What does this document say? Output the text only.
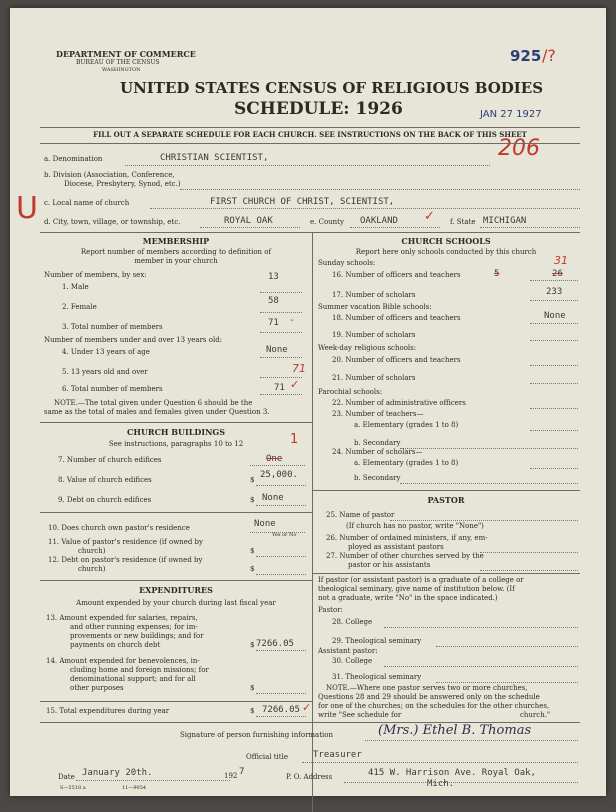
DEPARTMENT OF COMMERCE
BUREAU OF THE CENSUS
WASHINGTON
UNITED STATES CENSUS OF RELIGIOUS BODIES
SCHEDULE: 1926
925 /?
JAN 27 1927
206
U
FILL OUT A SEPARATE SCHEDULE FOR EACH CHURCH. SEE INSTRUCTIONS ON THE BACK OF THIS SHEET
a. Denomination	CHRISTIAN SCIENTIST,
b. Division (Association, Conference,
Diocese, Presbytery, Synod, etc.)
c. Local name of church	FIRST CHURCH OF CHRIST, SCIENTIST,
d. City, town, village, or township, etc.	ROYAL OAK	e. County OAKLAND ✓ f. State MICHIGAN
MEMBERSHIP
Report number of members according to definition of
member in your church
Number of members, by sex:
1. Male
13
2. Female
58
3. Total number of members	71 ‑
Number of members under and over 13 years old:
4. Under 13 years of age	None
5. 13 years old and over	71
6. Total number of members	71 ✓
NOTE.—The total given under Question 6 should be the
same as the total of males and females given under Question 3.
CHURCH BUILDINGS
See instructions, paragraphs 10 to 12
7. Number of church edifices	One
1
8. Value of church edifices	$ 25,000.
9. Debt on church edifices	$ None
10. Does church own pastor's residence	None
Yes or No
11. Value of pastor's residence (if owned by
church)	$
12. Debt on pastor's residence (if owned by
church)	$
EXPENDITURES
Amount expended by your church during last fiscal year
13. Amount expended for salaries, repairs,
and other running expenses; for im-
provements or new buildings; and for
payments on church debt	$ 7266.05
14. Amount expended for benevolences, in-
cluding home and foreign missions; for
denominational support; and for all
other purposes	$
15. Total expenditures during year	$ 7266.05 ✓
CHURCH SCHOOLS
Report here only schools conducted by this church
Sunday schools:
16. Number of officers and teachers	5	26
31
17. Number of scholars	233
Summer vacation Bible schools:
18. Number of officers and teachers	None
19. Number of scholars
Week-day religious schools:
20. Number of officers and teachers
21. Number of scholars
Parochial schools:
22. Number of administrative officers
23. Number of teachers—
a. Elementary (grades 1 to 8)
b. Secondary
24. Number of scholars—
a. Elementary (grades 1 to 8)
b. Secondary
PASTOR
25. Name of pastor
(If church has no pastor, write "None")
26. Number of ordained ministers, if any, em-
ployed as assistant pastors
27. Number of other churches served by the
pastor or his assistants
If pastor (or assistant pastor) is a graduate of a college or
theological seminary, give name of institution below. (If
not a graduate, write "No" in the space indicated.)
Pastor:
28. College
29. Theological seminary
Assistant pastor:
30. College
31. Theological seminary
NOTE.—Where one pastor serves two or more churches,
Questions 28 and 29 should be answered only on the schedule
for one of the churches; on the schedules for the other churches,
write "See schedule for	church."
Signature of person furnishing information	(Mrs.) Ethel B. Thomas
Official title	Treasurer
Date January 20th.	192 7	P. O. Address	415 W. Harrison Ave. Royal Oak,
Mich.
S—5518 a	11—9054
